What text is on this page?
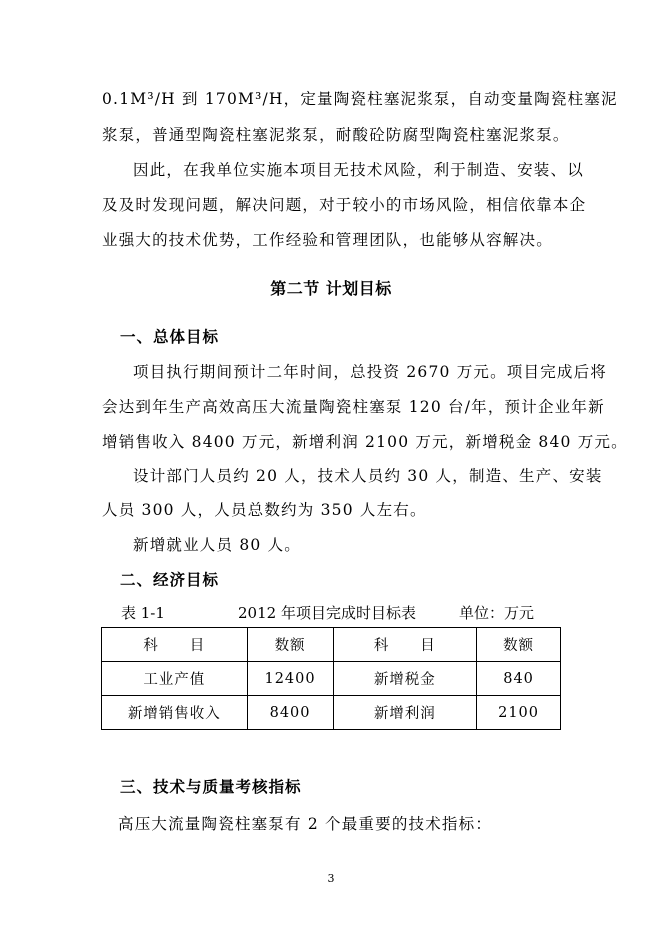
0.1M³/H 到 170M³/H，定量陶瓷柱塞泥浆泵，自动变量陶瓷柱塞泥
浆泵，普通型陶瓷柱塞泥浆泵，耐酸砼防腐型陶瓷柱塞泥浆泵。
因此，在我单位实施本项目无技术风险，利于制造、安装、以
及及时发现问题，解决问题，对于较小的市场风险，相信依靠本企
业强大的技术优势，工作经验和管理团队，也能够从容解决。
第二节 计划目标
一、总体目标
项目执行期间预计二年时间，总投资 2670 万元。项目完成后将
会达到年生产高效高压大流量陶瓷柱塞泵 120 台/年，预计企业年新
增销售收入 8400 万元，新增利润 2100 万元，新增税金 840 万元。
设计部门人员约 20 人，技术人员约 30 人，制造、生产、安装
人员 300 人，人员总数约为 350 人左右。
新增就业人员 80 人。
二、经济目标
表 1-1	2012 年项目完成时目标表	单位：万元
科　　目	数额	科　　目	数额
工业产值	12400	新增税金	840
新增销售收入	8400	新增利润	2100
三、技术与质量考核指标
高压大流量陶瓷柱塞泵有 2 个最重要的技术指标：
3
